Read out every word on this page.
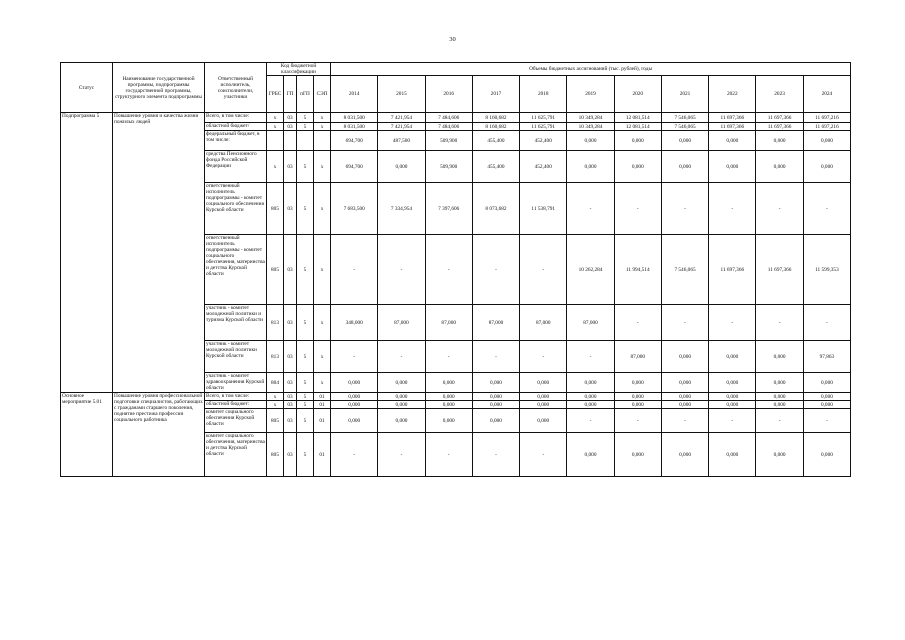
30
Статус	Наименование государственной программы, подпрограммы государственной программы, структурного элемента подпрограммы	Ответственный исполнитель, соисполнители, участники	Код бюджетной классификации				Объемы бюджетных ассигнований (тыс. рублей), годы										
			ГРБС	ГП	пГП	СЭП	2014	2015	2016	2017	2018	2019	2020	2021	2022	2023	2024
Подпрограмма 5	Повышение уровня и качества жизни пожилых людей	Всего, в том числе:	x	03	5	x	8 031,500	7 421,954	7 484,606	8 160,682	11 625,791	10 349,284	12 081,514	7 546,065	11 697,366	11 697,366	11 697,216
		областной бюджет/	x	03	5	x	8 031,500	7 421,954	7 484,606	8 160,682	11 625,791	10 349,284	12 081,514	7 546,065	11 697,366	11 697,366	11 697,216
		федеральный бюджет, в том числе:					694,700	487,500	509,900	455,400	452,400	0,000	0,000	0,000	0,000	0,000	0,000
		средства Пенсионного фонда Российской Федерации	x	03	5	x	694,700	0,000	509,900	455,400	452,400	0,000	0,000	0,000	0,000	0,000	0,000
		ответственный исполнитель подпрограммы - комитет социального обеспечения Курской области	805	03	5	x	7 683,500	7 334,954	7 397,606	8 073,682	11 538,791	-	-	-	-	-	-
		ответственный исполнитель подпрограммы - комитет социального обеспечения, материнства и детства Курской области	805	03	5	x	-	-	-	-	-	10 262,284	11 994,514	7 546,065	11 697,366	11 697,366	11 599,353
		участник - комитет молодежной политики и туризма Курской области	813	03	5	x	348,000	87,000	87,000	87,000	87,000	87,000	-	-	-	-	-
		участник - комитет молодежной политики Курской области	813	03	5	x	-	-	-	-	-	-	87,000	0,000	0,000	0,000	97,863
		участник - комитет здравоохранения Курской области	804	03	5	x	0,000	0,000	0,000	0,000	0,000	0,000	0,000	0,000	0,000	0,000	0,000
Основное мероприятие 5.01	Повышение уровня профессиональной подготовки специалистов, работающих с гражданами старшего поколения, поднятие престижа профессии социального работника	Всего, в том числе:	x	03	5	01	0,000	0,000	0,000	0,000	0,000	0,000	0,000	0,000	0,000	0,000	0,000
		областной бюджет:	x	03	5	01	0,000	0,000	0,000	0,000	0,000	0,000	0,000	0,000	0,000	0,000	0,000
		комитет социального обеспечения Курской области	805	03	5	01	0,000	0,000	0,000	0,000	0,000	-	-	-	-	-	-
		комитет социального обеспечения, материнства и детства Курской области	805	03	5	01	-	-	-	-	-	0,000	0,000	0,000	0,000	0,000	0,000
